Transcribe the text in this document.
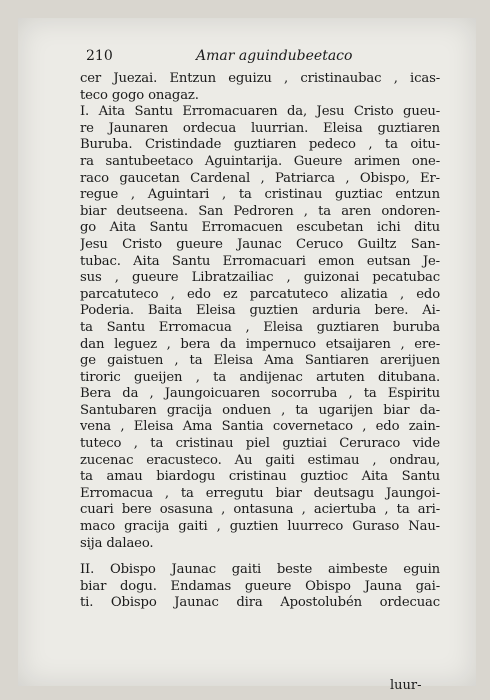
210	Amar aguindubeetaco
cer Juezai. Entzun eguizu , cristinaubac , icas-
teco gogo onagaz.
I. Aita Santu Erromacuaren da, Jesu Cristo gueu-
re Jaunaren ordecua luurrian. Eleisa guztiaren
Buruba. Cristindade guztiaren pedeco , ta oitu-
ra santubeetaco Aguintarija. Gueure arimen one-
raco gaucetan Cardenal , Patriarca , Obispo, Er-
regue , Aguintari , ta cristinau guztiac entzun
biar deutseena. San Pedroren , ta aren ondoren-
go Aita Santu Erromacuen escubetan ichi ditu
Jesu Cristo gueure Jaunac Ceruco Guiltz San-
tubac. Aita Santu Erromacuari emon eutsan Je-
sus , gueure Libratzailiac , guizonai pecatubac
parcatuteco , edo ez parcatuteco alizatia , edo
Poderia. Baita Eleisa guztien arduria bere. Ai-
ta Santu Erromacua , Eleisa guztiaren buruba
dan leguez , bera da impernuco etsaijaren , ere-
ge gaistuen , ta Eleisa Ama Santiaren arerijuen
tiroric gueijen , ta andijenac artuten ditubana.
Bera da , Jaungoicuaren socorruba , ta Espiritu
Santubaren gracija onduen , ta ugarijen biar da-
vena , Eleisa Ama Santia covernetaco , edo zain-
tuteco , ta cristinau piel guztiai Ceruraco vide
zucenac eracusteco. Au gaiti estimau , ondrau,
ta amau biardogu cristinau guztioc Aita Santu
Erromacua , ta erregutu biar deutsagu Jaungoi-
cuari bere osasuna , ontasuna , aciertuba , ta ari-
maco gracija gaiti , guztien luurreco Guraso Nau-
sija dalaeo.
II. Obispo Jaunac gaiti beste aimbeste eguin
biar dogu. Endamas gueure Obispo Jauna gai-
ti. Obispo Jaunac dira Apostolubén ordecuac
luur-
